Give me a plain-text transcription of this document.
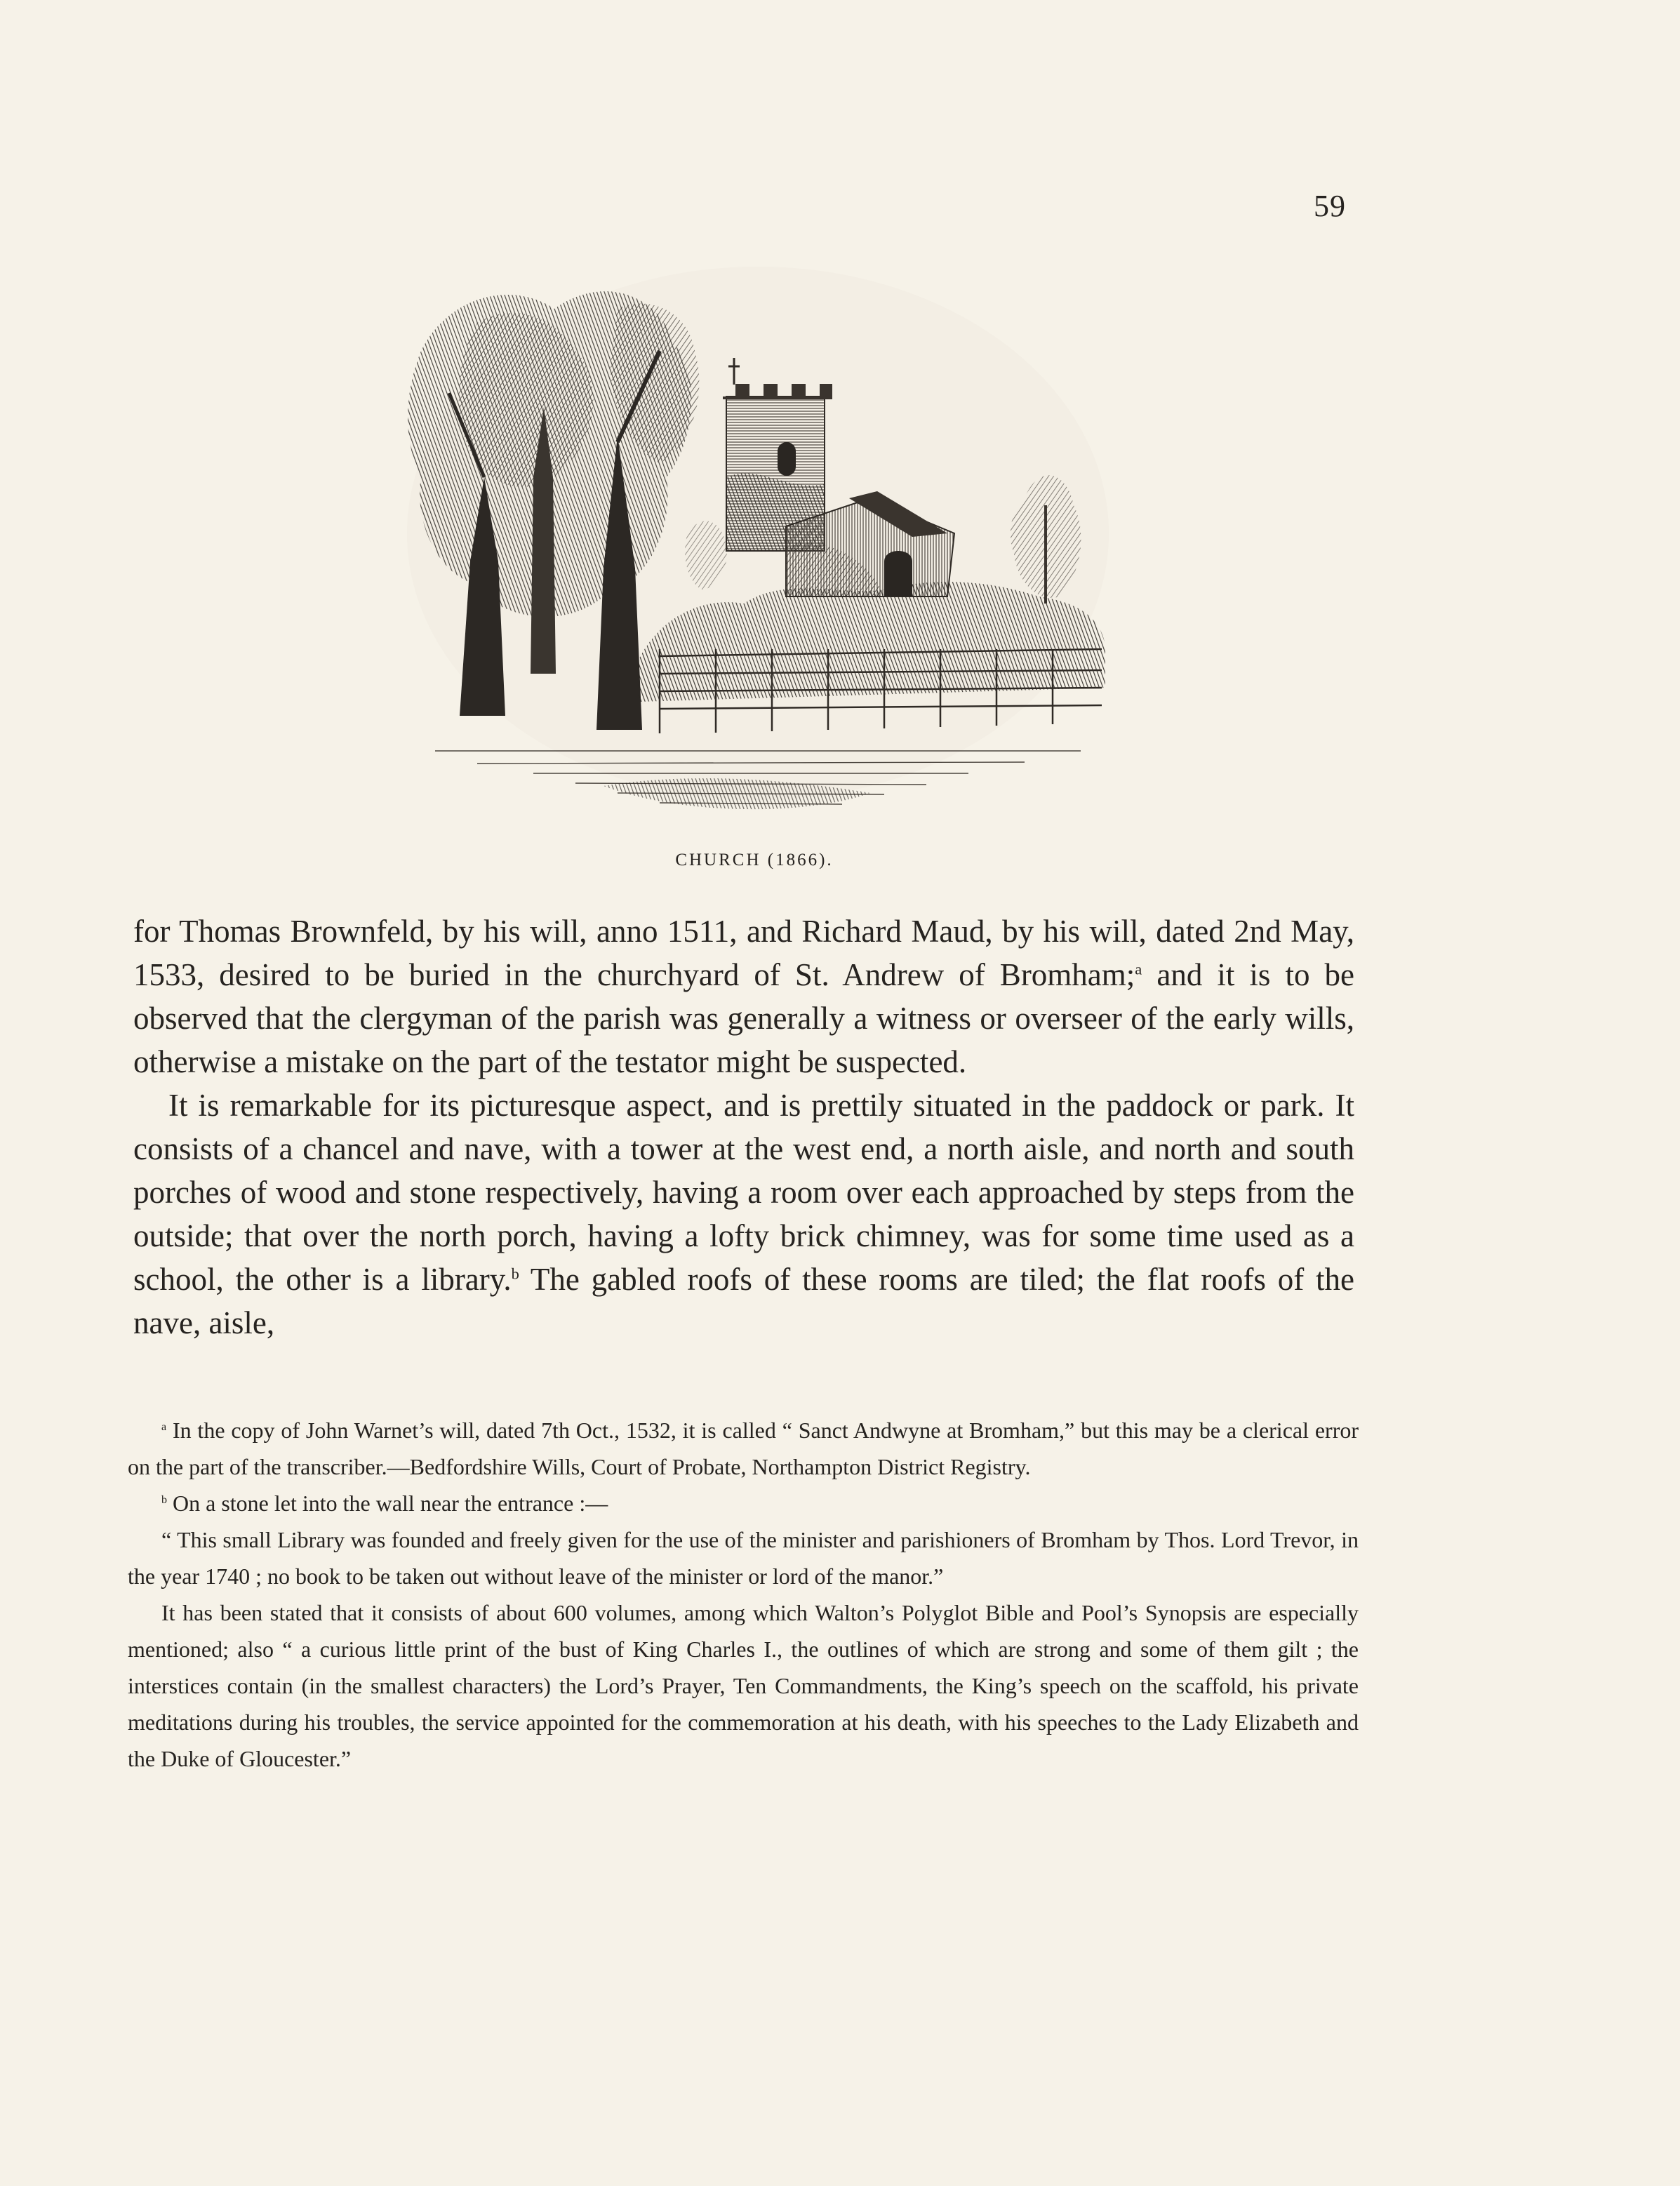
59
CHURCH (1866).

for Thomas Brownfeld, by his will, anno 1511, and Richard Maud, by his will, dated 2nd May, 1533, desired to be buried in the churchyard of St. Andrew of Bromham;$^a$ and it is to be observed that the clergyman of the parish was generally a witness or overseer of the early wills, otherwise a mistake on the part of the testator might be suspected.

It is remarkable for its picturesque aspect, and is prettily situated in the paddock or park. It consists of a chancel and nave, with a tower at the west end, a north aisle, and north and south porches of wood and stone respectively, having a room over each approached by steps from the outside; that over the north porch, having a lofty brick chimney, was for some time used as a school, the other is a library.$^b$ The gabled roofs of these rooms are tiled; the flat roofs of the nave, aisle,

$^a$ In the copy of John Warnet’s will, dated 7th Oct., 1532, it is called “ Sanct Andwyne at Bromham,” but this may be a clerical error on the part of the transcriber.—Bedfordshire Wills, Court of Probate, Northampton District Registry.

$^b$ On a stone let into the wall near the entrance :—

“ This small Library was founded and freely given for the use of the minister and parishioners of Bromham by Thos. Lord Trevor, in the year 1740 ; no book to be taken out without leave of the minister or lord of the manor.”

It has been stated that it consists of about 600 volumes, among which Walton’s Polyglot Bible and Pool’s Synopsis are especially mentioned; also “ a curious little print of the bust of King Charles I., the outlines of which are strong and some of them gilt ; the interstices contain (in the smallest characters) the Lord’s Prayer, Ten Commandments, the King’s speech on the scaffold, his private meditations during his troubles, the service appointed for the commemoration at his death, with his speeches to the Lady Elizabeth and the Duke of Gloucester.”
